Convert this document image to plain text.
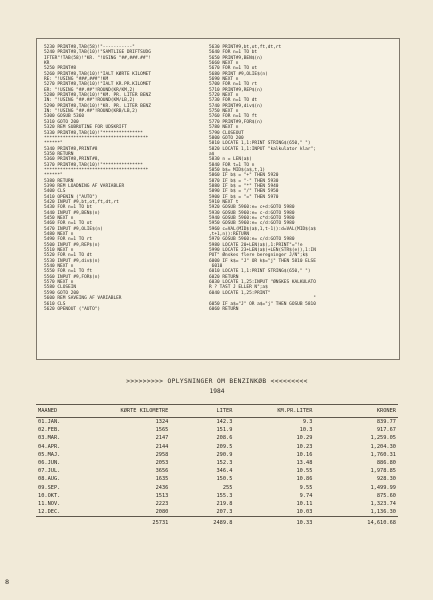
5230 PRINT#8,TAB(58)!"-----------"
5240 PRINT#8,TAB(10)!"SAMTLIGE DRIFTSUDG
IFTER"!TAB(58)!"KR. "!USING "##,###.##"!
KR
5250 PRINT#8
5260 PRINT#8,TAB(10)!"IALT KØRTE KILOMET
RE: "!USING "###,###"!KM
5270 PRINT#8,TAB(10)!"IALT KR.PR.KILOMET
ER: "!USING "##.##"!ROUND(KR/KM,2)
5280 PRINT#8,TAB(10)!"KM. PR. LITER BENZ
IN: "!USING "##.##"!ROUND(KM/LB,2)
5290 PRINT#8,TAB(10)!"KR. PR. LITER BENZ
IN: "!USING "##.##"!ROUND(KRB/LB,2)
5300 GOSUB 5360
5310 GOTO 200
5320 REM SUBRUTINE FOR UDSKRIFT
5330 PRINT#8,TAB(10)!"***************
***************************************
******"
5340 PRINT#8,PRINT#8
5350 RETURN
5360 PRINT#8,PRINT#8,
5370 PRINT#8,TAB(10)!"***************
***************************************
******"
5380 RETURN
5390 REM LOADNING AF VARIABLER
5400 CLS
5410 OPENIN ("AUTO")
5420 INPUT #9,bt,ot,ft,dt,rt
5430 FOR n=1 TO bt
5440 INPUT #9,BEN$(n)
5450 NEXT n
5460 FOR n=1 TO ot
5470 INPUT #9,OLIE$(n)
5480 NEXT n
5490 FOR n=1 TO rt
5500 INPUT #9,REP$(n)
5510 NEXT n
5520 FOR n=1 TO dt
5530 INPUT #9,div$(n)
5540 NEXT n
5550 FOR n=1 TO ft
5560 INPUT #9,FOR$(n)
5570 NEXT n
5580 CLOSEIN
5590 GOTO 200
5600 REM SAVEING AF VARIABLER
5610 CLS
5620 OPENOUT ("AUTO")
5630 PRINT#9,bt,ot,ft,dt,rt
5640 FOR n=1 TO bt
5650 PRINT#9,BEN$(n)
5660 NEXT n
5670 FOR n=1 TO ot
5680 PRINT #9,OLIE$(n)
5690 NEXT n
5700 FOR n=1 TO rt
5710 PRINT#9,REP$(n)
5720 NEXT n
5730 FOR n=1 TO dt
5740 PRINT#9,div$(n)
5750 NEXT n
5760 FOR n=1 TO ft
5770 PRINT#9,FOR$(n)
5780 NEXT n
5790 CLOSEOUT
5800 GOTO 200
5810 LOCATE 1,1:PRINT STRING$(650," ")
5820 LOCATE 1,1:INPUT "kalkulator klar";
a$
5830 n = LEN(a$)
5840 FOR t=1 TO n
5850 b$= MID$(a$,t,1)
5860 IF b$ = "+" THEN 5920
5870 IF b$ = "-" THEN 5930
5880 IF b$ = "*" THEN 5940
5890 IF b$ = "/" THEN 5950
5900 IF b$ = "=" THEN 5970
5910 NEXT t
5920 GOSUB 5960:e= c+d:GOTO 5980
5930 GOSUB 5960:e= c-d:GOTO 5980
5940 GOSUB 5960:e= c*d:GOTO 5980
5950 GOSUB 5960:e= c/d:GOTO 5980
5960 c=VAL(MID$(a$,1,t-1)):d=VAL(MID$(a$
,t+1,n)):RETURN
5970 GOSUB 5960:e= c/d:GOTO 5980
5980 LOCATE 20+LEN(a$),1:PRINT"="!e
5990 LOCATE 23+LEN(a$)+LEN(STR$(e)),1:IN
PUT" Ønskes flere beregninger J/N";k$
6000 IF k$= "J" OR k$="j" THEN 5810 ELSE
6010
6010 LOCATE 1,1:PRINT STRING$(650," ")
6020 RETURN
6030 LOCATE 1,25:INPUT "ØNSKES KALKULATO
R ? TAST J ELLER N";a$
6040 LOCATE 1,25:PRINT"
"
6050 IF a$="J" OR a$="j" THEN GOSUB 5810
6060 RETURN
>>>>>>>>> OPLYSNINGER OM BENZINKØB <<<<<<<<<
1984
MAANED	KØRTE KILOMETRE	LITER	KM.PR.LITER	KRONER
01.JAN.	1324	142.3	9.3	839.77
02.FEB.	1565	151.9	10.3	917.67
03.MAR.	2147	208.6	10.29	1,259.05
04.APR.	2144	209.5	10.23	1,204.30
05.MAJ.	2958	290.9	10.16	1,760.31
06.JUN.	2053	152.3	13.48	886.80
07.JUL.	3656	346.4	10.55	1,978.85
08.AUG.	1635	150.5	10.86	928.30
09.SEP.	2436	255	9.55	1,499.99
10.OKT.	1513	155.3	9.74	875.60
11.NOV.	2223	219.8	10.11	1,323.74
12.DEC.	2080	207.3	10.03	1,136.30
	25731	2489.8	10.33	14,610.68
8
